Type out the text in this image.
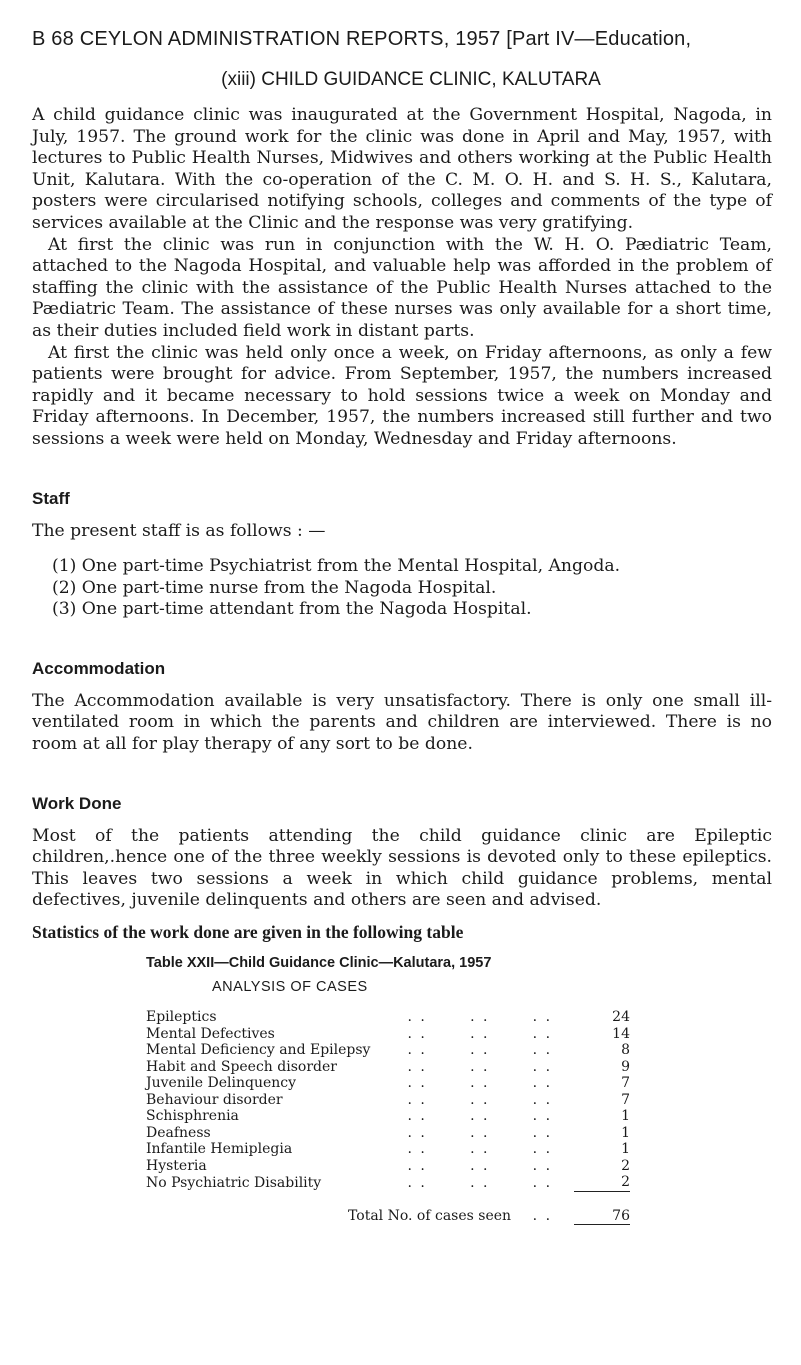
B 68 CEYLON ADMINISTRATION REPORTS, 1957 [Part IV—Education,
(xiii) CHILD GUIDANCE CLINIC, KALUTARA

A child guidance clinic was inaugurated at the Government Hospital, Nagoda, in July, 1957. The ground work for the clinic was done in April and May, 1957, with lectures to Public Health Nurses, Midwives and others working at the Public Health Unit, Kalutara. With the co-operation of the C. M. O. H. and S. H. S., Kalutara, posters were circularised notifying schools, colleges and comments of the type of services available at the Clinic and the response was very gratifying.

At first the clinic was run in conjunction with the W. H. O. Pædiatric Team, attached to the Nagoda Hospital, and valuable help was afforded in the problem of staffing the clinic with the assistance of the Public Health Nurses attached to the Pædiatric Team. The assistance of these nurses was only available for a short time, as their duties included field work in distant parts.

At first the clinic was held only once a week, on Friday afternoons, as only a few patients were brought for advice. From September, 1957, the numbers increased rapidly and it became necessary to hold sessions twice a week on Monday and Friday afternoons. In December, 1957, the numbers increased still further and two sessions a week were held on Monday, Wednesday and Friday afternoons.

Staff

The present staff is as follows : —

(1) One part-time Psychiatrist from the Mental Hospital, Angoda.
(2) One part-time nurse from the Nagoda Hospital.
(3) One part-time attendant from the Nagoda Hospital.
Accommodation

The Accommodation available is very unsatisfactory. There is only one small ill-ventilated room in which the parents and children are interviewed. There is no room at all for play therapy of any sort to be done.

Work Done

Most of the patients attending the child guidance clinic are Epileptic children,.hence one of the three weekly sessions is devoted only to these epileptics. This leaves two sessions a week in which child guidance problems, mental defectives, juvenile delinquents and others are seen and advised.

Statistics of the work done are given in the following table
Table XXII—Child Guidance Clinic—Kalutara, 1957
ANALYSIS OF CASES
Epileptics	. .	. .	. .	24
Mental Defectives	. .	. .	. .	14
Mental Deficiency and Epilepsy	. .	. .	. .	8
Habit and Speech disorder	. .	. .	. .	9
Juvenile Delinquency	. .	. .	. .	7
Behaviour disorder	. .	. .	. .	7
Schisphrenia	. .	. .	. .	1
Deafness	. .	. .	. .	1
Infantile Hemiplegia	. .	. .	. .	1
Hysteria	. .	. .	. .	2
No Psychiatric Disability	. .	. .	. .	2

Total No. of cases seen			. .	76
